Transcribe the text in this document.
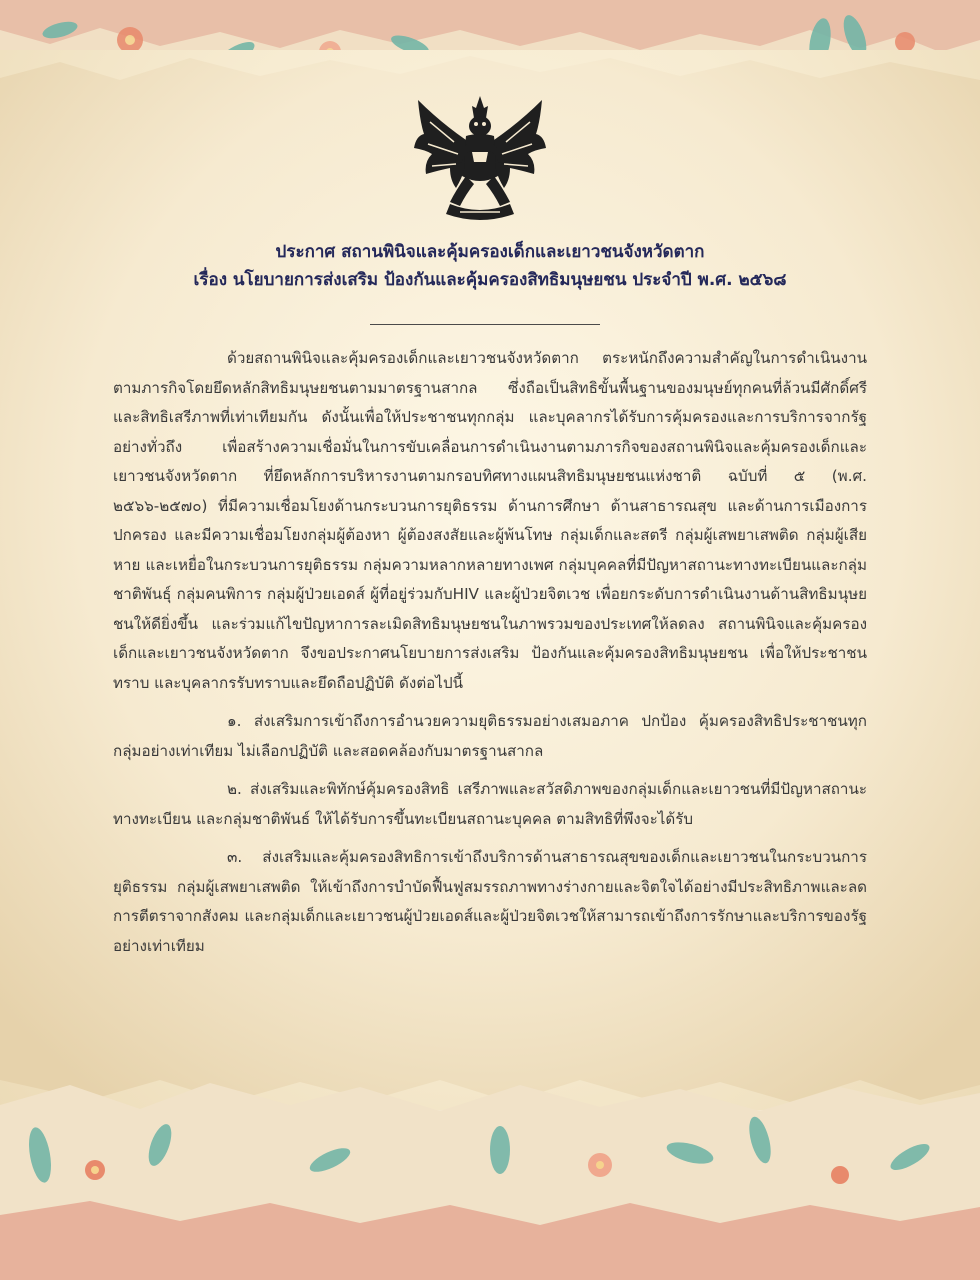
ประกาศ สถานพินิจและคุ้มครองเด็กและเยาวชนจังหวัดตาก
เรื่อง นโยบายการส่งเสริม ป้องกันและคุ้มครองสิทธิมนุษยชน ประจำปี พ.ศ. ๒๕๖๘

ด้วยสถานพินิจและคุ้มครองเด็กและเยาวชนจังหวัดตาก ตระหนักถึงความสำคัญในการดำเนินงานตามภารกิจโดยยึดหลักสิทธิมนุษยชนตามมาตรฐานสากล ซึ่งถือเป็นสิทธิขั้นพื้นฐานของมนุษย์ทุกคนที่ล้วนมีศักดิ์ศรีและสิทธิเสรีภาพที่เท่าเทียมกัน ดังนั้นเพื่อให้ประชาชนทุกกลุ่ม และบุคลากรได้รับการคุ้มครองและการบริการจากรัฐอย่างทั่วถึง เพื่อสร้างความเชื่อมั่นในการขับเคลื่อนการดำเนินงานตามภารกิจของสถานพินิจและคุ้มครองเด็กและเยาวชนจังหวัดตาก ที่ยึดหลักการบริหารงานตามกรอบทิศทางแผนสิทธิมนุษยชนแห่งชาติ ฉบับที่ ๕ (พ.ศ. ๒๕๖๖-๒๕๗๐) ที่มีความเชื่อมโยงด้านกระบวนการยุติธรรม ด้านการศึกษา ด้านสาธารณสุข และด้านการเมืองการปกครอง และมีความเชื่อมโยงกลุ่มผู้ต้องหา ผู้ต้องสงสัยและผู้พ้นโทษ กลุ่มเด็กและสตรี กลุ่มผู้เสพยาเสพติด กลุ่มผู้เสียหาย และเหยื่อในกระบวนการยุติธรรม กลุ่มความหลากหลายทางเพศ กลุ่มบุคคลที่มีปัญหาสถานะทางทะเบียนและกลุ่มชาติพันธุ์ กลุ่มคนพิการ กลุ่มผู้ป่วยเอดส์ ผู้ที่อยู่ร่วมกับHIV และผู้ป่วยจิตเวช เพื่อยกระดับการดำเนินงานด้านสิทธิมนุษยชนให้ดียิ่งขึ้น และร่วมแก้ไขปัญหาการละเมิดสิทธิมนุษยชนในภาพรวมของประเทศให้ลดลง สถานพินิจและคุ้มครองเด็กและเยาวชนจังหวัดตาก จึงขอประกาศนโยบายการส่งเสริม ป้องกันและคุ้มครองสิทธิมนุษยชน เพื่อให้ประชาชนทราบ และบุคลากรรับทราบและยึดถือปฏิบัติ ดังต่อไปนี้

๑. ส่งเสริมการเข้าถึงการอำนวยความยุติธรรมอย่างเสมอภาค ปกป้อง คุ้มครองสิทธิประชาชนทุกกลุ่มอย่างเท่าเทียม ไม่เลือกปฏิบัติ และสอดคล้องกับมาตรฐานสากล

๒. ส่งเสริมและพิทักษ์คุ้มครองสิทธิ เสรีภาพและสวัสดิภาพของกลุ่มเด็กและเยาวชนที่มีปัญหาสถานะทางทะเบียน และกลุ่มชาติพันธ์ ให้ได้รับการขึ้นทะเบียนสถานะบุคคล ตามสิทธิที่พึงจะได้รับ

๓. ส่งเสริมและคุ้มครองสิทธิการเข้าถึงบริการด้านสาธารณสุขของเด็กและเยาวชนในกระบวนการยุติธรรม กลุ่มผู้เสพยาเสพติด ให้เข้าถึงการบำบัดฟื้นฟูสมรรถภาพทางร่างกายและจิตใจได้อย่างมีประสิทธิภาพและลดการตีตราจากสังคม และกลุ่มเด็กและเยาวชนผู้ป่วยเอดส์และผู้ป่วยจิตเวชให้สามารถเข้าถึงการรักษาและบริการของรัฐอย่างเท่าเทียม
